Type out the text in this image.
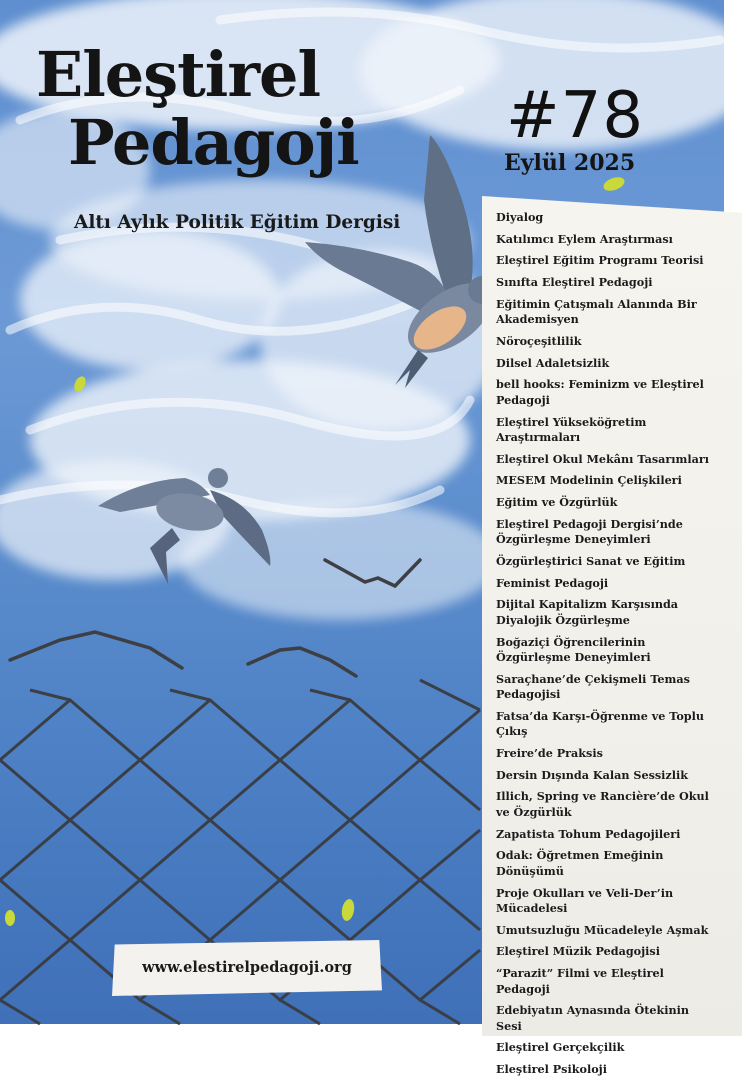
Eleştirel
Pedagoji

Altı Aylık Politik Eğitim Dergisi

#78
Eylül 2025
Diyalog
Katılımcı Eylem Araştırması
Eleştirel Eğitim Programı Teorisi
Sınıfta Eleştirel Pedagoji
Eğitimin Çatışmalı Alanında Bir Akademisyen
Nöroçeşitlilik
Dilsel Adaletsizlik
bell hooks: Feminizm ve Eleştirel Pedagoji
Eleştirel Yükseköğretim Araştırmaları
Eleştirel Okul Mekânı Tasarımları
MESEM Modelinin Çelişkileri
Eğitim ve Özgürlük
Eleştirel Pedagoji Dergisi’nde Özgürleşme Deneyimleri
Özgürleştirici Sanat ve Eğitim
Feminist Pedagoji
Dijital Kapitalizm Karşısında Diyalojik Özgürleşme
Boğaziçi Öğrencilerinin Özgürleşme Deneyimleri
Saraçhane’de Çekişmeli Temas Pedagojisi
Fatsa’da Karşı-Öğrenme ve Toplu Çıkış
Freire’de Praksis
Dersin Dışında Kalan Sessizlik
Illich, Spring ve Rancière’de Okul ve Özgürlük
Zapatista Tohum Pedagojileri
Odak: Öğretmen Emeğinin Dönüşümü
Proje Okulları ve Veli-Der’in Mücadelesi
Umutsuzluğu Mücadeleyle Aşmak
Eleştirel Müzik Pedagojisi
“Parazit” Filmi ve Eleştirel Pedagoji
Edebiyatın Aynasında Ötekinin Sesi
Eleştirel Gerçekçilik
Eleştirel Psikoloji
www.elestirelpedagoji.org
